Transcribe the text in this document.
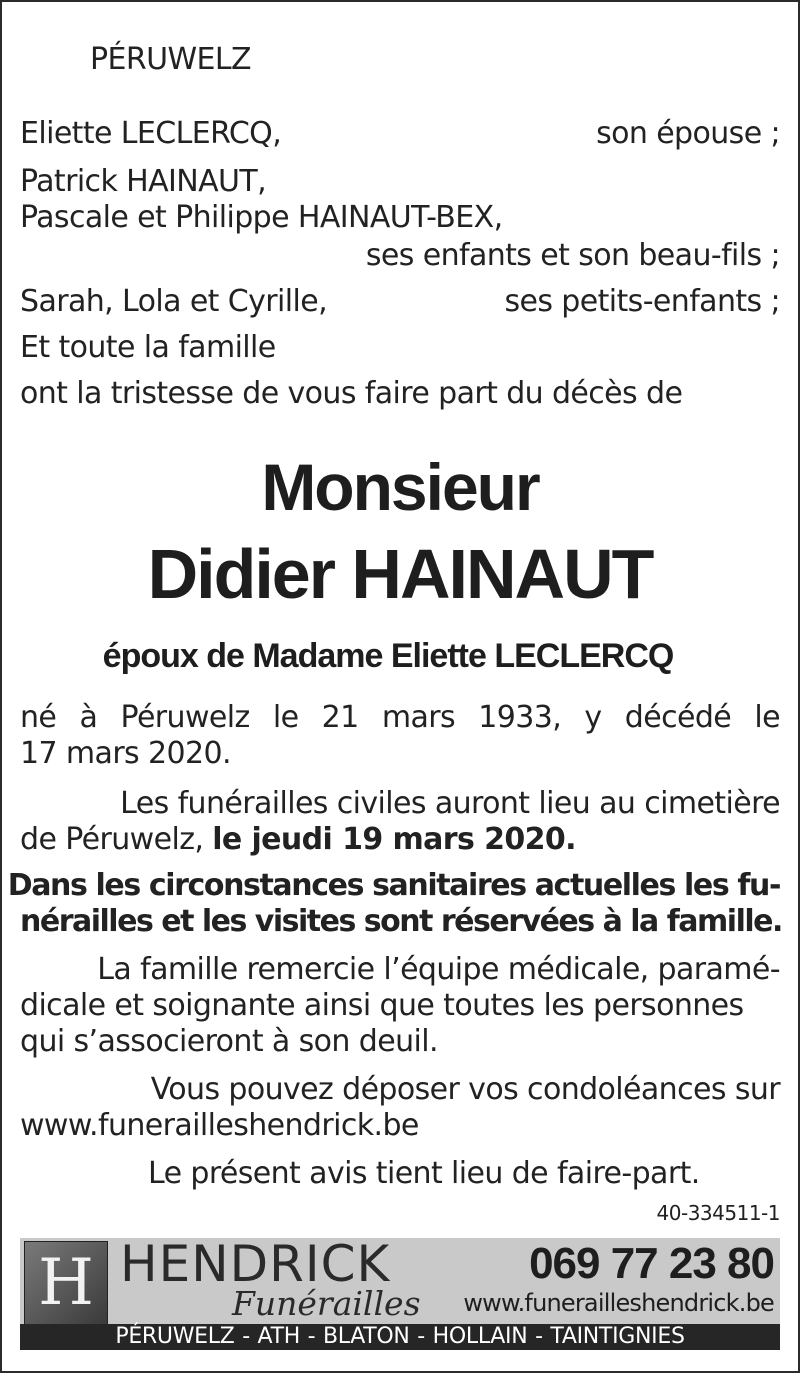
PÉRUWELZ
Eliette LECLERCQ,	son épouse ;
Patrick HAINAUT,
Pascale et Philippe HAINAUT-BEX,
ses enfants et son beau-fils ;
Sarah, Lola et Cyrille,	ses petits-enfants ;
Et toute la famille
ont la tristesse de vous faire part du décès de
Monsieur
Didier HAINAUT
époux de Madame Eliette LECLERCQ
né à Péruwelz le 21 mars 1933, y décédé le
17 mars 2020.
Les funérailles civiles auront lieu au cimetière
de Péruwelz, le jeudi 19 mars 2020.
Dans les circonstances sanitaires actuelles les fu-
nérailles et les visites sont réservées à la famille.
La famille remercie l’équipe médicale, paramé-
dicale et soignante ainsi que toutes les personnes
qui s’associeront à son deuil.
Vous pouvez déposer vos condoléances sur
www.funerailleshendrick.be
Le présent avis tient lieu de faire-part.
40-334511-1
H HENDRICK
Funérailles
069 77 23 80
www.funerailleshendrick.be
PÉRUWELZ - ATH - BLATON - HOLLAIN - TAINTIGNIES
